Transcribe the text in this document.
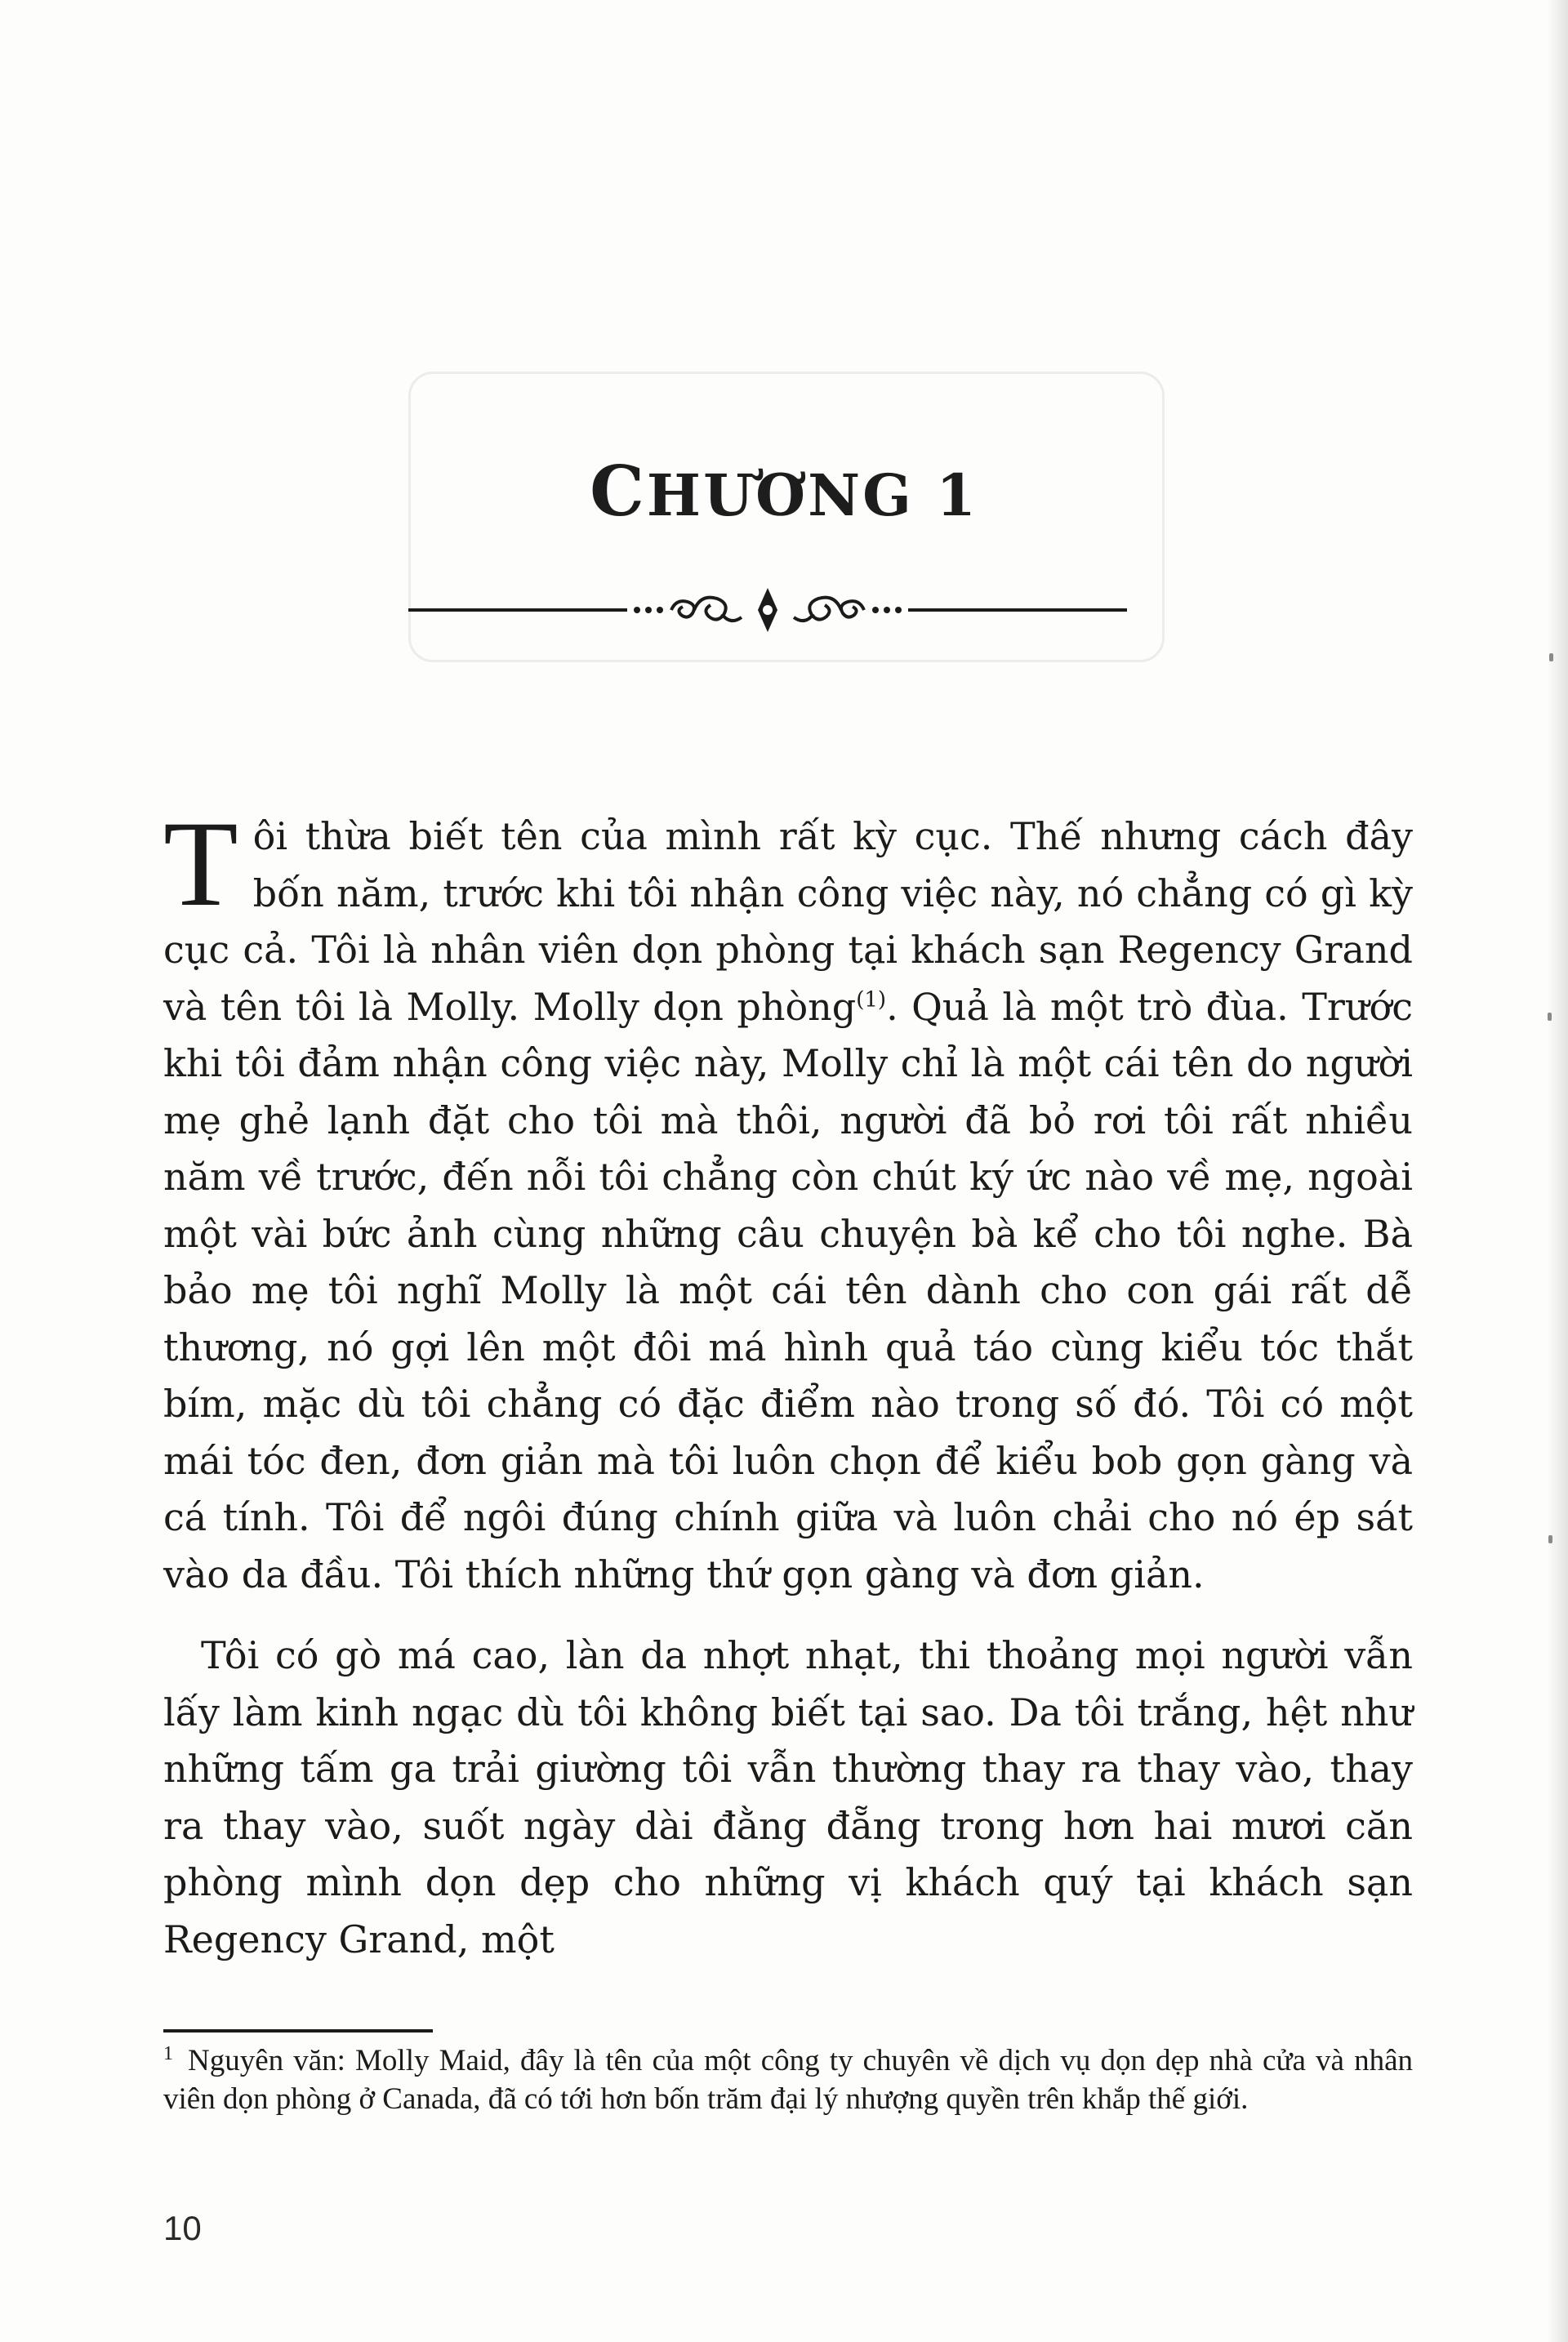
CHƯƠNG 1

Tôi thừa biết tên của mình rất kỳ cục. Thế nhưng cách đây bốn năm, trước khi tôi nhận công việc này, nó chẳng có gì kỳ cục cả. Tôi là nhân viên dọn phòng tại khách sạn Regency Grand và tên tôi là Molly. Molly dọn phòng$^{(1)}$. Quả là một trò đùa. Trước khi tôi đảm nhận công việc này, Molly chỉ là một cái tên do người mẹ ghẻ lạnh đặt cho tôi mà thôi, người đã bỏ rơi tôi rất nhiều năm về trước, đến nỗi tôi chẳng còn chút ký ức nào về mẹ, ngoài một vài bức ảnh cùng những câu chuyện bà kể cho tôi nghe. Bà bảo mẹ tôi nghĩ Molly là một cái tên dành cho con gái rất dễ thương, nó gợi lên một đôi má hình quả táo cùng kiểu tóc thắt bím, mặc dù tôi chẳng có đặc điểm nào trong số đó. Tôi có một mái tóc đen, đơn giản mà tôi luôn chọn để kiểu bob gọn gàng và cá tính. Tôi để ngôi đúng chính giữa và luôn chải cho nó ép sát vào da đầu. Tôi thích những thứ gọn gàng và đơn giản.

Tôi có gò má cao, làn da nhợt nhạt, thi thoảng mọi người vẫn lấy làm kinh ngạc dù tôi không biết tại sao. Da tôi trắng, hệt như những tấm ga trải giường tôi vẫn thường thay ra thay vào, thay ra thay vào, suốt ngày dài đằng đẵng trong hơn hai mươi căn phòng mình dọn dẹp cho những vị khách quý tại khách sạn Regency Grand, một

$^1$ Nguyên văn: Molly Maid, đây là tên của một công ty chuyên về dịch vụ dọn dẹp nhà cửa và nhân viên dọn phòng ở Canada, đã có tới hơn bốn trăm đại lý nhượng quyền trên khắp thế giới.
10
